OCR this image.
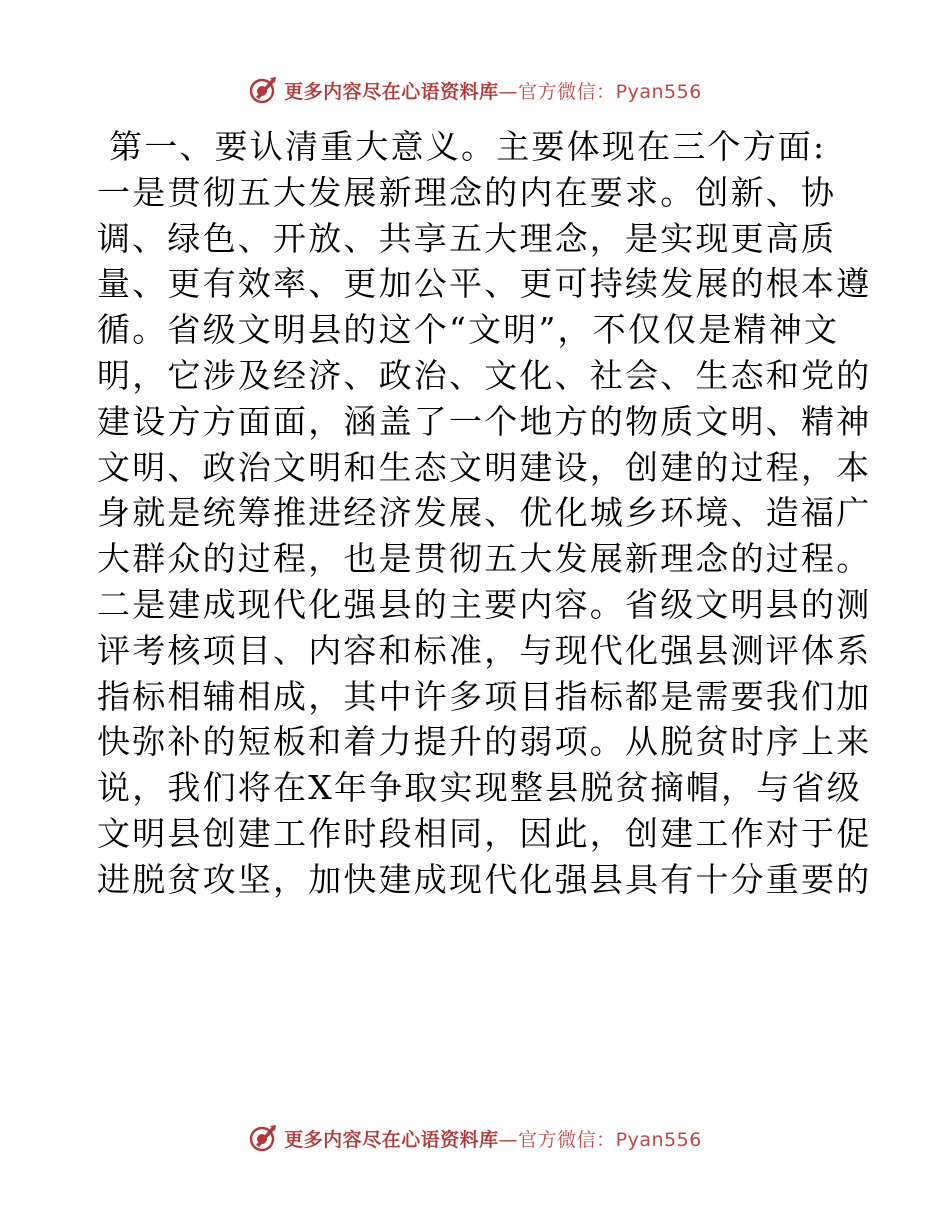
更多内容尽在心语资料库—官方微信：Pyan556
第一、要认清重大意义。主要体现在三个方面:
一是贯彻五大发展新理念的内在要求。创新、协
调、绿色、开放、共享五大理念，是实现更高质
量、更有效率、更加公平、更可持续发展的根本遵
循。省级文明县的这个“文明”，不仅仅是精神文
明，它涉及经济、政治、文化、社会、生态和党的
建设方方面面，涵盖了一个地方的物质文明、精神
文明、政治文明和生态文明建设，创建的过程，本
身就是统筹推进经济发展、优化城乡环境、造福广
大群众的过程，也是贯彻五大发展新理念的过程。
二是建成现代化强县的主要内容。省级文明县的测
评考核项目、内容和标准，与现代化强县测评体系
指标相辅相成，其中许多项目指标都是需要我们加
快弥补的短板和着力提升的弱项。从脱贫时序上来
说，我们将在X年争取实现整县脱贫摘帽，与省级
文明县创建工作时段相同，因此，创建工作对于促
进脱贫攻坚，加快建成现代化强县具有十分重要的
更多内容尽在心语资料库—官方微信：Pyan556
